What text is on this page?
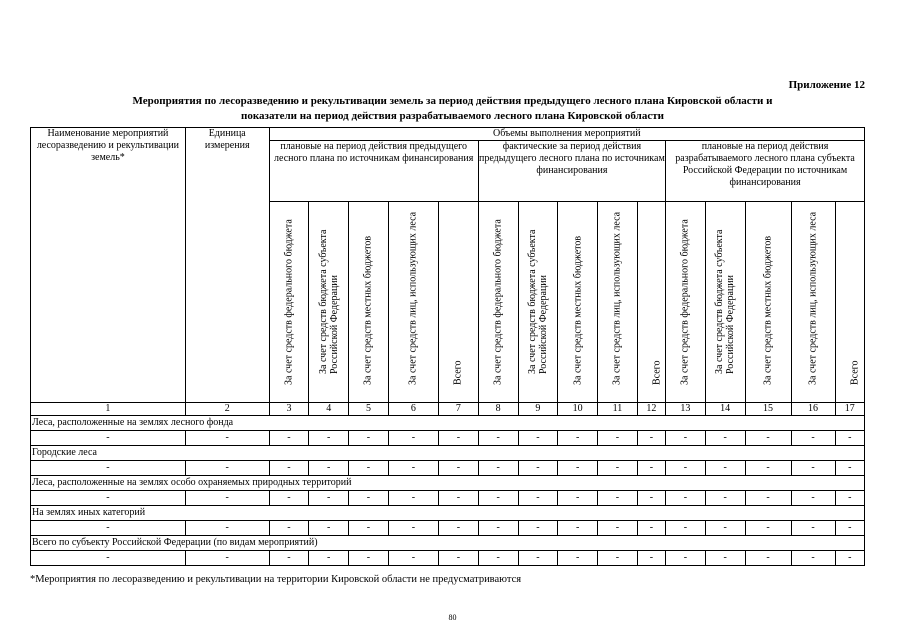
Приложение 12
Мероприятия по лесоразведению и рекультивации земель за период действия предыдущего лесного плана Кировской области и
показатели на период действия разрабатываемого лесного плана Кировской области
Наименование мероприятий лесоразведению и рекультивации земель*	Единица измерения	Объемы выполнения мероприятий														
		плановые на период действия предыдущего лесного плана по источникам финансирования					фактические за период действия предыдущего лесного плана по источникам финансирования					плановые на период действия разрабатываемого лесного плана субъекта Российской Федерации по источникам финансирования				

		За счет средств федерального бюджета	За счет средств бюджета субъекта Российской Федерации	За счет средств местных бюджетов	За счет средств лиц, использующих леса	Всего	За счет средств федерального бюджета	За счет средств бюджета субъекта Российской Федерации	За счет средств местных бюджетов	За счет средств лиц, использующих леса	Всего	За счет средств федерального бюджета	За счет средств бюджета субъекта Российской Федерации	За счет средств местных бюджетов	За счет средств лиц, использующих леса	Всего

1	2	3	4	5	6	7	8	9	10	11	12	13	14	15	16	17
Леса, расположенные на землях лесного фонда																
-	-	-	-	-	-	-	-	-	-	-	-	-	-	-	-	-
Городские леса																
-	-	-	-	-	-	-	-	-	-	-	-	-	-	-	-	-
Леса, расположенные на землях особо охраняемых природных территорий																
-	-	-	-	-	-	-	-	-	-	-	-	-	-	-	-	-
На землях иных категорий																
-	-	-	-	-	-	-	-	-	-	-	-	-	-	-	-	-
Всего по субъекту Российской Федерации (по видам мероприятий)																
-	-	-	-	-	-	-	-	-	-	-	-	-	-	-	-	-
*Мероприятия по лесоразведению и рекультивации на территории Кировской области не предусматриваются
80
